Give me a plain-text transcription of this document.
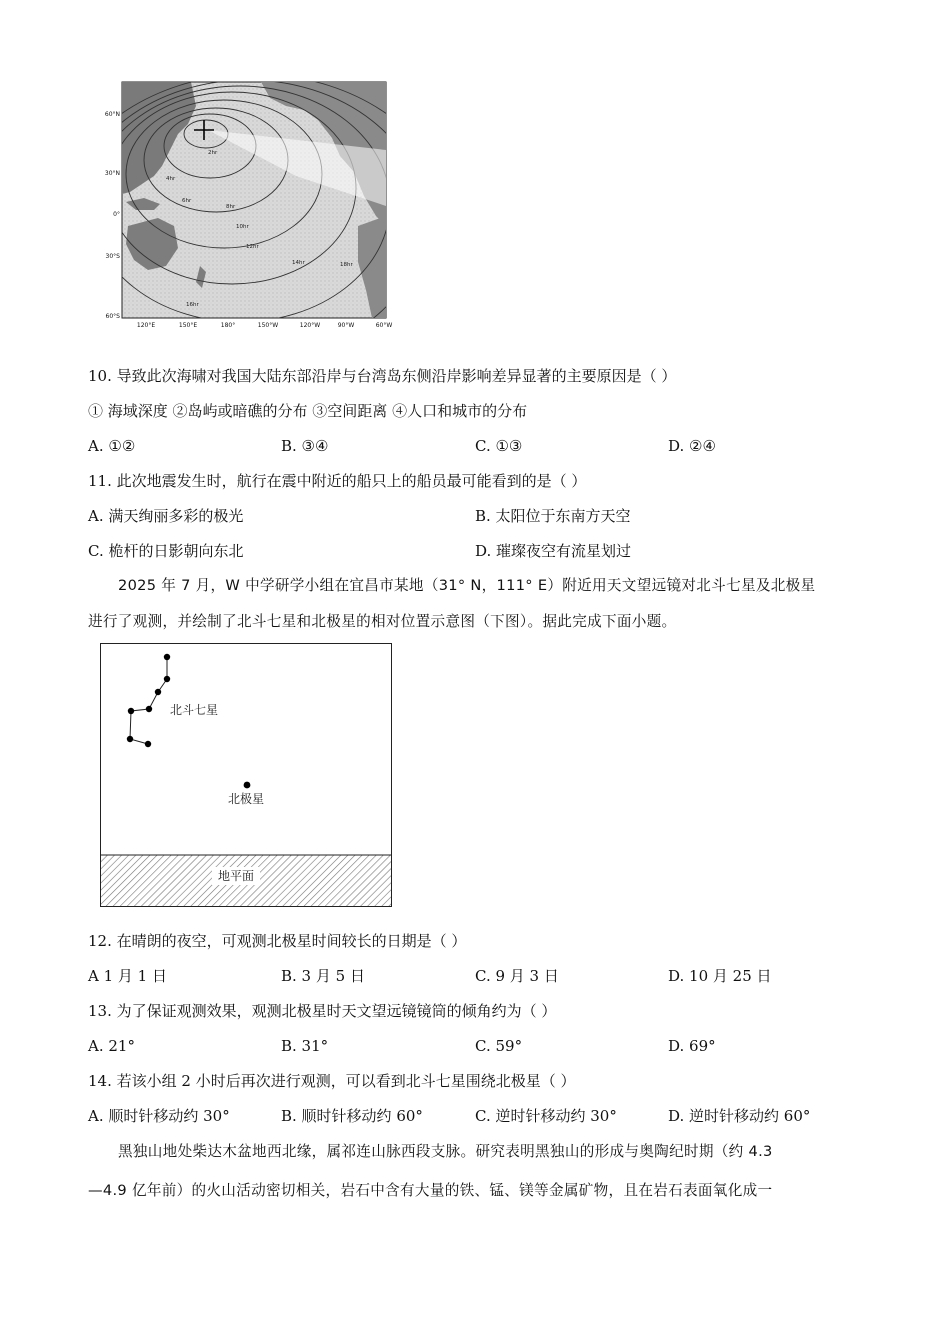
2hr
4hr
6hr
8hr
10hr
12hr
14hr
16hr
18hr
60°N
30°N
0°
30°S
60°S
120°E	150°E	180°	150°W	120°W	90°W	60°W
10. 导致此次海啸对我国大陆东部沿岸与台湾岛东侧沿岸影响差异显著的主要原因是（ ）
① 海域深度 ②岛屿或暗礁的分布 ③空间距离 ④人口和城市的分布
A. ①②	B. ③④	C. ①③	D. ②④
11. 此次地震发生时，航行在震中附近的船只上的船员最可能看到的是（ ）
A. 满天绚丽多彩的极光	B. 太阳位于东南方天空
C. 桅杆的日影朝向东北	D. 璀璨夜空有流星划过
2025 年 7 月，W 中学研学小组在宜昌市某地（31° N，111° E）附近用天文望远镜对北斗七星及北极星
进行了观测，并绘制了北斗七星和北极星的相对位置示意图（下图）。据此完成下面小题。
北斗七星
北极星
地平面
12. 在晴朗的夜空，可观测北极星时间较长的日期是（ ）
A 1 月 1 日	B. 3 月 5 日	C. 9 月 3 日	D. 10 月 25 日
13. 为了保证观测效果，观测北极星时天文望远镜镜筒的倾角约为（ ）
A. 21°	B. 31°	C. 59°	D. 69°
14. 若该小组 2 小时后再次进行观测，可以看到北斗七星围绕北极星（ ）
A. 顺时针移动约 30°	B. 顺时针移动约 60°	C. 逆时针移动约 30°	D. 逆时针移动约 60°
黑独山地处柴达木盆地西北缘，属祁连山脉西段支脉。研究表明黑独山的形成与奥陶纪时期（约 4.3
—4.9 亿年前）的火山活动密切相关，岩石中含有大量的铁、锰、镁等金属矿物，且在岩石表面氧化成一
